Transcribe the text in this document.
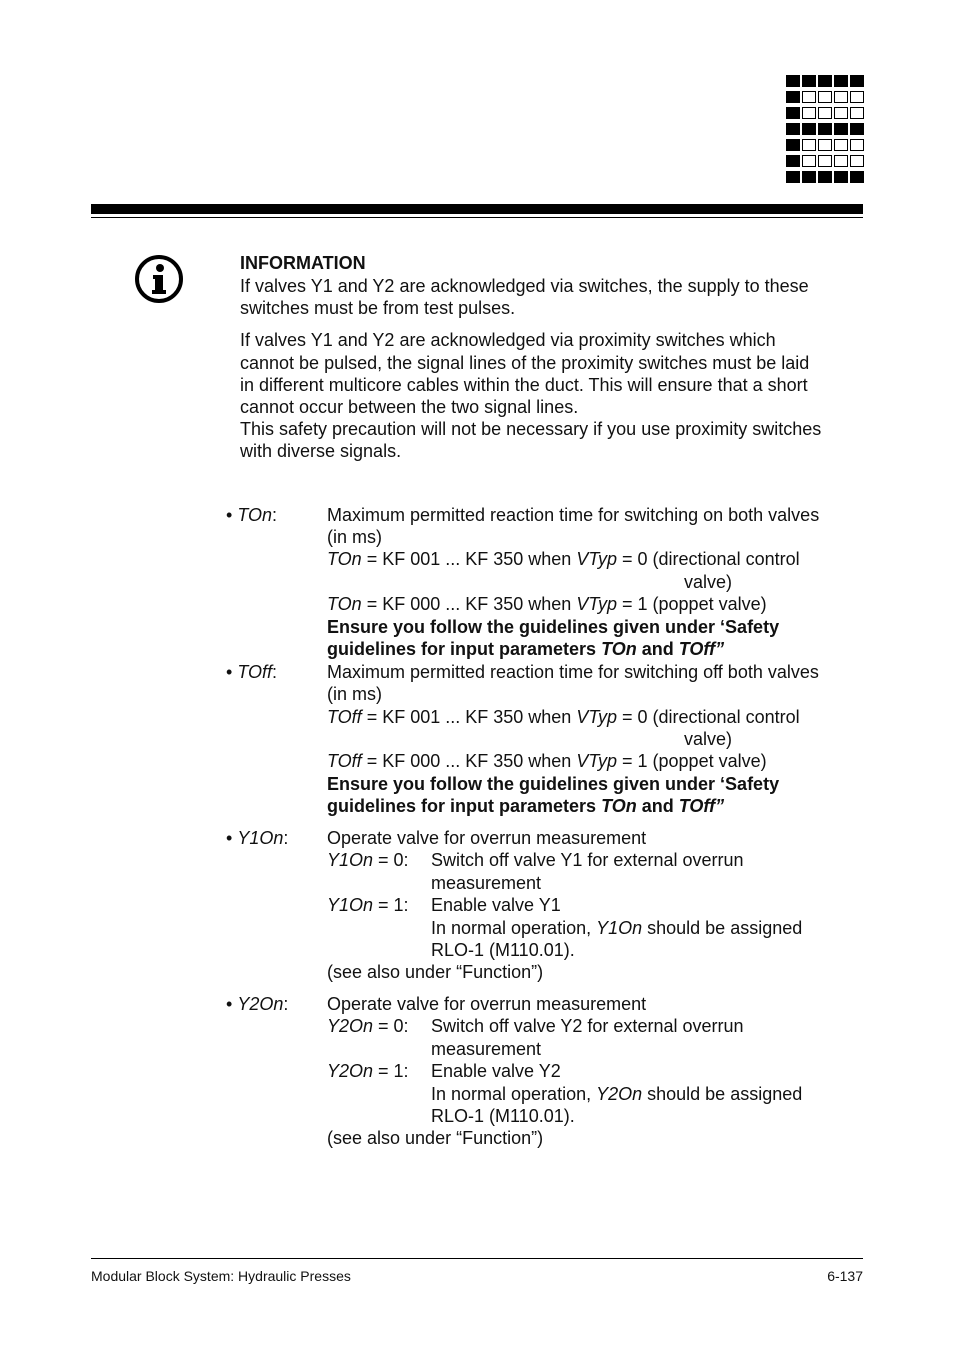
INFORMATION
If valves Y1 and Y2 are acknowledged via switches, the supply to these
switches must be from test pulses.
If valves Y1 and Y2 are acknowledged via proximity switches which
cannot be pulsed, the signal lines of the proximity switches must be laid
in different multicore cables within the duct. This will ensure that a short
cannot occur between the two signal lines.
This safety precaution will not be necessary if you use proximity switches
with diverse signals.
• TOn:	Maximum permitted reaction time for switching on both valves
(in ms)
TOn = KF 001 ... KF 350 when VTyp = 0 (directional control
valve)
TOn = KF 000 ... KF 350 when VTyp = 1 (poppet valve)
Ensure you follow the guidelines given under ‘Safety
guidelines for input parameters TOn and TOff”
• TOff:	Maximum permitted reaction time for switching off both valves
(in ms)
TOff = KF 001 ... KF 350 when VTyp = 0 (directional control
valve)
TOff = KF 000 ... KF 350 when VTyp = 1 (poppet valve)
Ensure you follow the guidelines given under ‘Safety
guidelines for input parameters TOn and TOff”
• Y1On: Operate valve for overrun measurement
Y1On = 0: Switch off valve Y1 for external overrun
measurement
Y1On = 1: Enable valve Y1
In normal operation, Y1On should be assigned
RLO-1 (M110.01).
(see also under “Function”)
• Y2On: Operate valve for overrun measurement
Y2On = 0: Switch off valve Y2 for external overrun
measurement
Y2On = 1: Enable valve Y2
In normal operation, Y2On should be assigned
RLO-1 (M110.01).
(see also under “Function”)
Modular Block System: Hydraulic Presses	6-137
